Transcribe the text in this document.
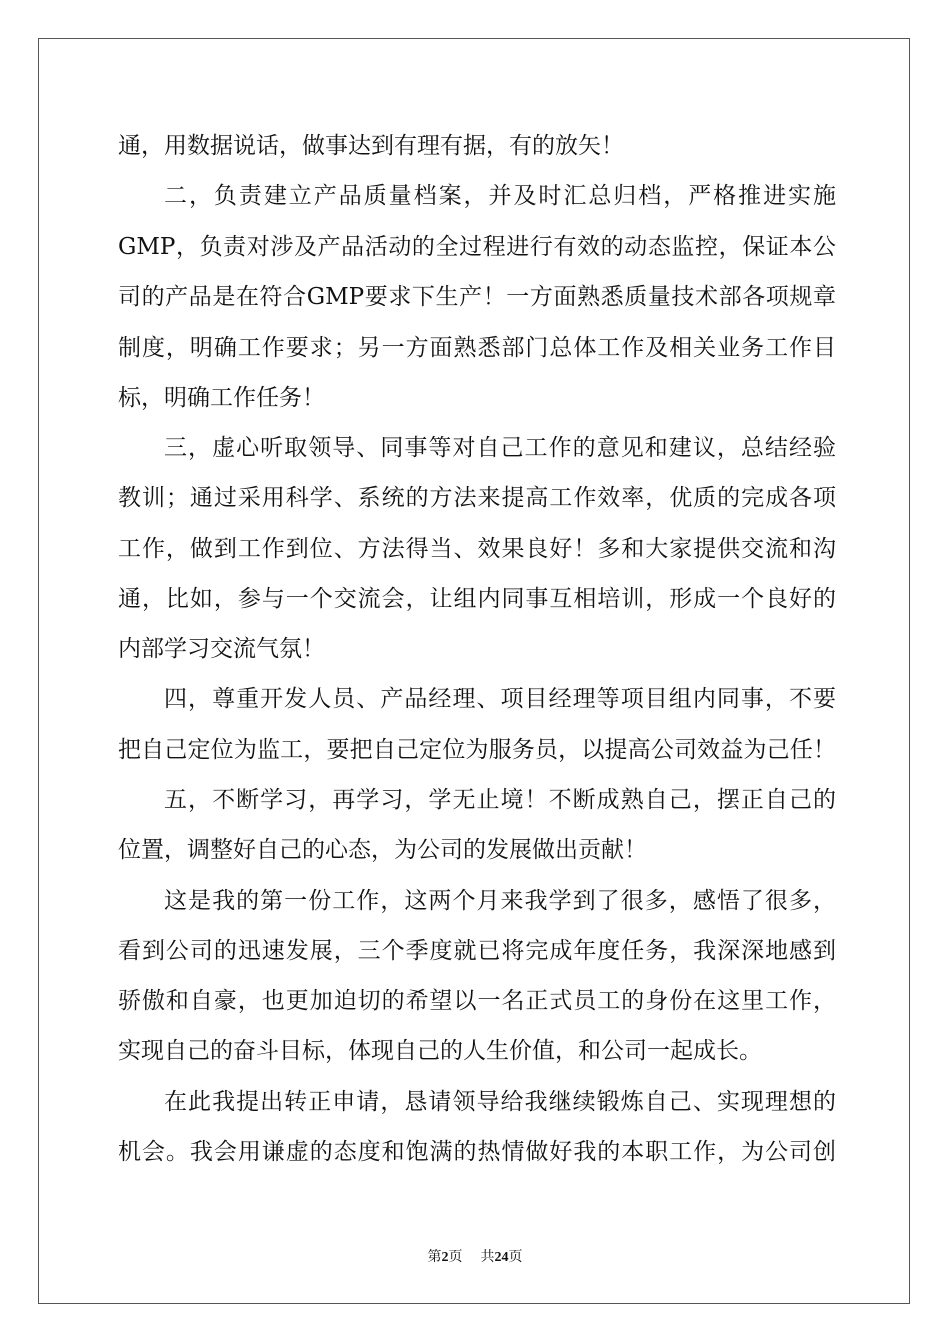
通，用数据说话，做事达到有理有据，有的放矢！
二，负责建立产品质量档案，并及时汇总归档，严格推进实施
GMP，负责对涉及产品活动的全过程进行有效的动态监控，保证本公
司的产品是在符合GMP要求下生产！一方面熟悉质量技术部各项规章
制度，明确工作要求；另一方面熟悉部门总体工作及相关业务工作目
标，明确工作任务！
三，虚心听取领导、同事等对自己工作的意见和建议，总结经验
教训；通过采用科学、系统的方法来提高工作效率，优质的完成各项
工作，做到工作到位、方法得当、效果良好！多和大家提供交流和沟
通，比如，参与一个交流会，让组内同事互相培训，形成一个良好的
内部学习交流气氛！
四，尊重开发人员、产品经理、项目经理等项目组内同事，不要
把自己定位为监工，要把自己定位为服务员，以提高公司效益为己任！
五，不断学习，再学习，学无止境！不断成熟自己，摆正自己的
位置，调整好自己的心态，为公司的发展做出贡献！
这是我的第一份工作，这两个月来我学到了很多，感悟了很多，
看到公司的迅速发展，三个季度就已将完成年度任务，我深深地感到
骄傲和自豪，也更加迫切的希望以一名正式员工的身份在这里工作，
实现自己的奋斗目标，体现自己的人生价值，和公司一起成长。
在此我提出转正申请，恳请领导给我继续锻炼自己、实现理想的
机会。我会用谦虚的态度和饱满的热情做好我的本职工作，为公司创
第2页 共24页
